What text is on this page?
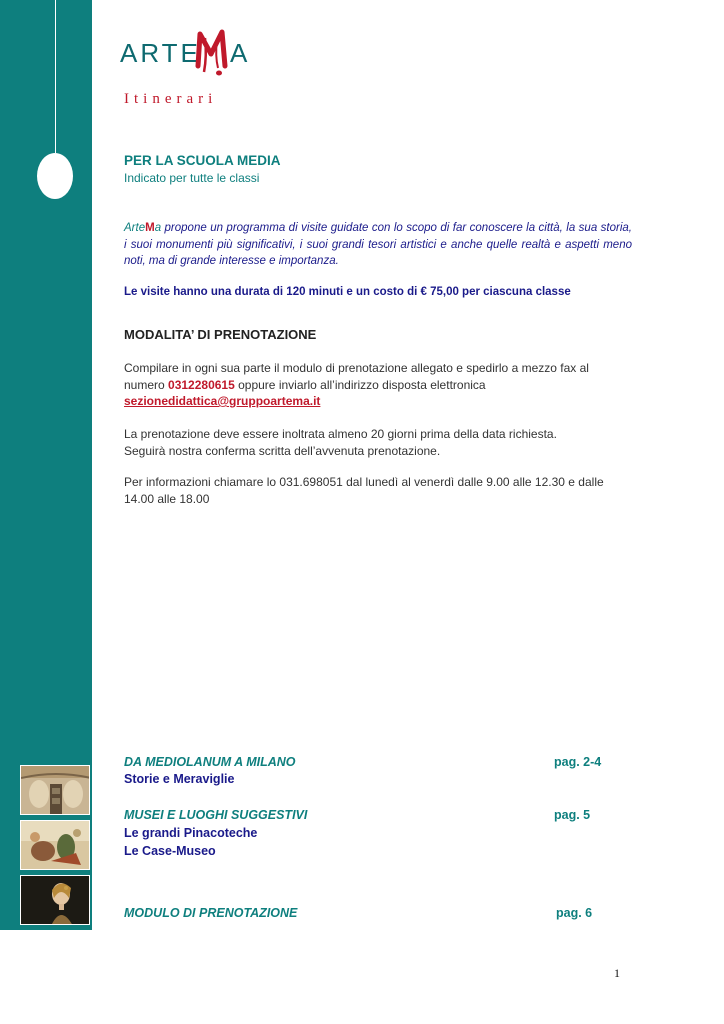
ARTE A
Itinerari
PER LA SCUOLA MEDIA

Indicato per tutte le classi

ArteMa propone un programma di visite guidate con lo scopo di far conoscere la città, la sua storia, i suoi monumenti più significativi, i suoi grandi tesori artistici e anche quelle realtà e aspetti meno noti, ma di grande interesse e importanza.

Le visite hanno una durata di 120 minuti e un costo di € 75,00 per ciascuna classe

MODALITA’ DI PRENOTAZIONE

Compilare in ogni sua parte il modulo di prenotazione allegato e spedirlo a mezzo fax al numero 0312280615 oppure inviarlo all’indirizzo disposta elettronica
sezionedidattica@gruppoartema.it

La prenotazione deve essere inoltrata almeno 20 giorni prima della data richiesta.
Seguirà nostra conferma scritta dell’avvenuta prenotazione.

Per informazioni chiamare lo 031.698051 dal lunedì al venerdì dalle 9.00 alle 12.30 e dalle 14.00 alle 18.00

DA MEDIOLANUM A MILANO	pag. 2-4

Storie e Meraviglie

MUSEI E LUOGHI SUGGESTIVI	pag. 5

Le grandi Pinacoteche

Le Case-Museo

MODULO DI PRENOTAZIONE	pag. 6

1
